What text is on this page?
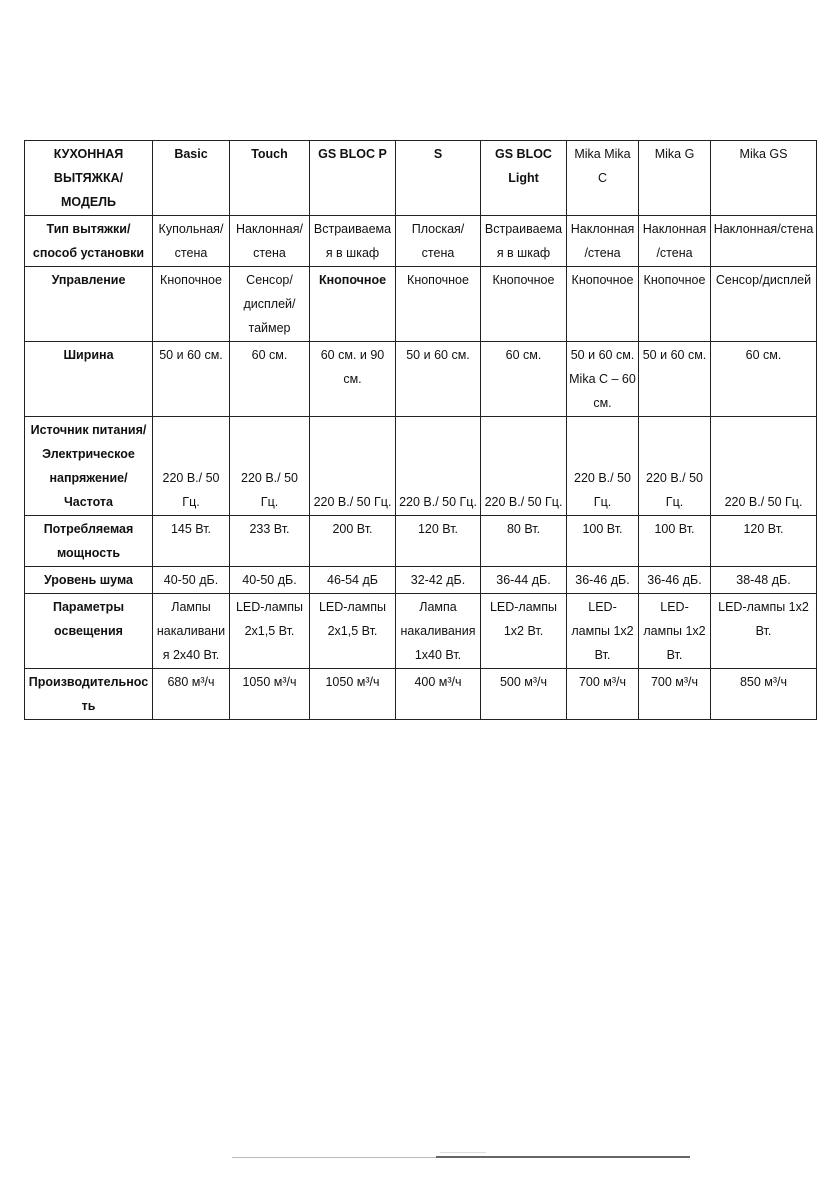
КУХОННАЯ ВЫТЯЖКА/МОДЕЛЬ	Basic	Touch	GS BLOC P	S	GS BLOC Light	Mika Mika C	Mika G	Mika GS
Тип вытяжки/способ установки	Купольная/ стена	Наклонная/ стена	Встраиваемая в шкаф	Плоская/ стена	Встраиваемая в шкаф	Наклонная /стена	Наклонная /стена	Наклонная/стена
Управление	Кнопочное	Сенсор/дисплей/ таймер	Кнопочное	Кнопочное	Кнопочное	Кнопочное	Кнопочное	Сенсор/дисплей
Ширина	50 и 60 см.	60 см.	60 см. и 90 см.	50 и 60 см.	60 см.	50 и 60 см. Mika C – 60 см.	50 и 60 см.	60 см.
Источник питания/ Электрическое напряжение/ Частота	220 В./ 50 Гц.	220 В./ 50 Гц.	220 В./ 50 Гц.	220 В./ 50 Гц.	220 В./ 50 Гц.	220 В./ 50 Гц.	220 В./ 50 Гц.	220 В./ 50 Гц.
Потребляемая мощность	145 Вт.	233 Вт.	200 Вт.	120 Вт.	80 Вт.	100 Вт.	100 Вт.	120 Вт.
Уровень шума	40-50 дБ.	40-50 дБ.	46-54 дБ	32-42 дБ.	36-44 дБ.	36-46 дБ.	36-46 дБ.	38-48 дБ.
Параметры освещения	Лампы накаливания 2x40 Вт.	LED-лампы 2x1,5 Вт.	LED-лампы 2x1,5 Вт.	Лампа накаливания 1x40 Вт.	LED-лампы 1x2 Вт.	LED-лампы 1x2 Вт.	LED-лампы 1x2 Вт.	LED-лампы 1x2 Вт.
Производительность	680 м³/ч	1050 м³/ч	1050 м³/ч	400 м³/ч	500 м³/ч	700 м³/ч	700 м³/ч	850 м³/ч
